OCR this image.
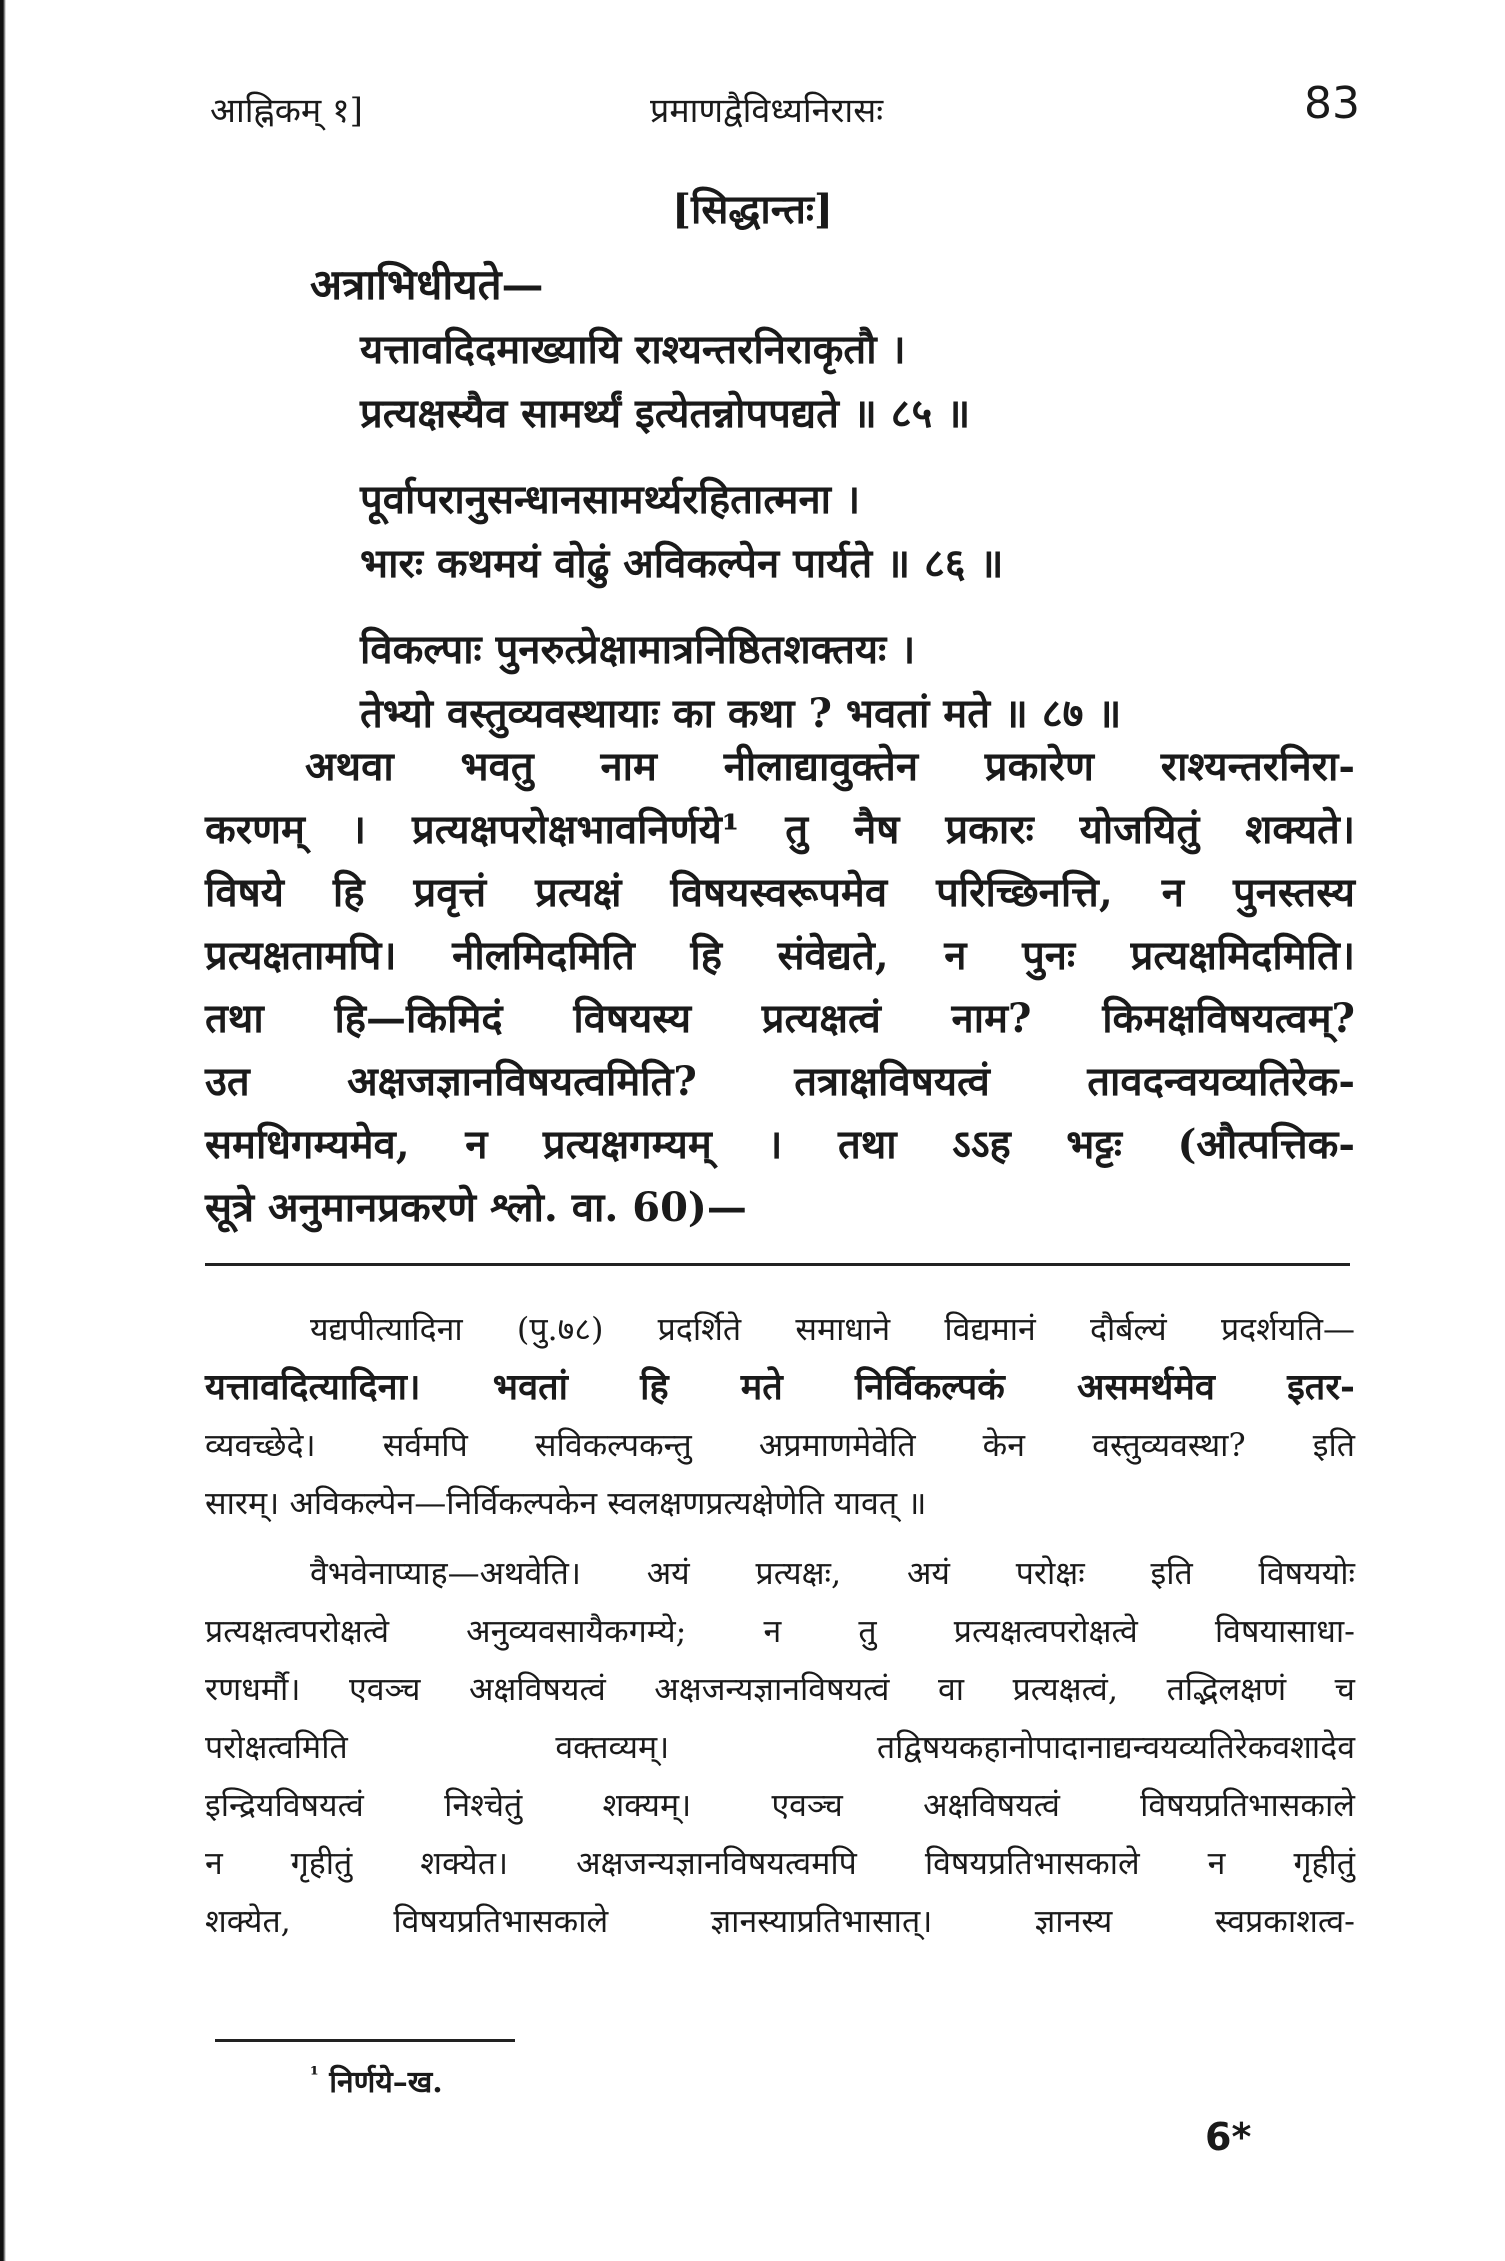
आह्निकम् १]	प्रमाणद्वैविध्यनिरासः	83
[सिद्धान्तः]
अत्राभिधीयते—
यत्तावदिदमाख्यायि राश्यन्तरनिराकृतौ ।
प्रत्यक्षस्यैव सामर्थ्यं इत्येतन्नोपपद्यते ॥ ८५ ॥
पूर्वापरानुसन्धानसामर्थ्यरहितात्मना ।
भारः कथमयं वोढुं अविकल्पेन पार्यते ॥ ८६ ॥
विकल्पाः पुनरुत्प्रेक्षामात्रनिष्ठितशक्तयः ।
तेभ्यो वस्तुव्यवस्थायाः का कथा ? भवतां मते ॥ ८७ ॥
अथवा भवतु नाम नीलाद्यावुक्तेन प्रकारेण राश्यन्तरनिरा-
करणम् । प्रत्यक्षपरोक्षभावनिर्णये¹ तु नैष प्रकारः योजयितुं शक्यते।
विषये हि प्रवृत्तं प्रत्यक्षं विषयस्वरूपमेव परिच्छिनत्ति, न पुनस्तस्य
प्रत्यक्षतामपि। नीलमिदमिति हि संवेद्यते, न पुनः प्रत्यक्षमिदमिति।
तथा हि—किमिदं विषयस्य प्रत्यक्षत्वं नाम? किमक्षविषयत्वम्?
उत अक्षजज्ञानविषयत्वमिति? तत्राक्षविषयत्वं तावदन्वयव्यतिरेक-
समधिगम्यमेव, न प्रत्यक्षगम्यम् । तथा ऽऽह भट्टः (औत्पत्तिक-
सूत्रे अनुमानप्रकरणे श्लो. वा. 60)—
यद्यपीत्यादिना (पु.७८) प्रदर्शिते समाधाने विद्यमानं दौर्बल्यं प्रदर्शयति—
यत्तावदित्यादिना। भवतां हि मते निर्विकल्पकं असमर्थमेव इतर-
व्यवच्छेदे। सर्वमपि सविकल्पकन्तु अप्रमाणमेवेति केन वस्तुव्यवस्था? इति
सारम्। अविकल्पेन—निर्विकल्पकेन स्वलक्षणप्रत्यक्षेणेति यावत् ॥
वैभवेनाप्याह—अथवेति। अयं प्रत्यक्षः, अयं परोक्षः इति विषययोः
प्रत्यक्षत्वपरोक्षत्वे अनुव्यवसायैकगम्ये; न तु प्रत्यक्षत्वपरोक्षत्वे विषयासाधा-
रणधर्मौ। एवञ्च अक्षविषयत्वं अक्षजन्यज्ञानविषयत्वं वा प्रत्यक्षत्वं, तद्भिलक्षणं च
परोक्षत्वमिति वक्तव्यम्। तद्विषयकहानोपादानाद्यन्वयव्यतिरेकवशादेव
इन्द्रियविषयत्वं निश्चेतुं शक्यम्। एवञ्च अक्षविषयत्वं विषयप्रतिभासकाले
न गृहीतुं शक्येत। अक्षजन्यज्ञानविषयत्वमपि विषयप्रतिभासकाले न गृहीतुं
शक्येत, विषयप्रतिभासकाले ज्ञानस्याप्रतिभासात्। ज्ञानस्य स्वप्रकाशत्व-
$^{^1}$ निर्णये–ख.
6*
